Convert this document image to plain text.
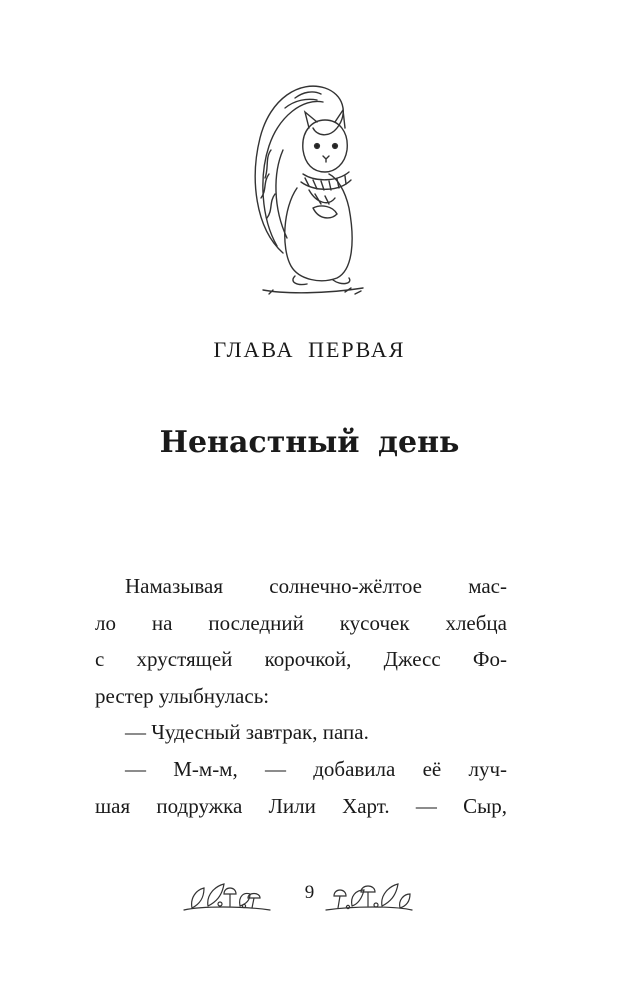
ГЛАВА ПЕРВАЯ
Ненастный день
Намазывая солнечно-жёлтое мас-
ло на последний кусочек хлебца
с хрустящей корочкой, Джесс Фо-
рестер улыбнулась:
— Чудесный завтрак, папа.
— М-м-м, — добавила её луч-
шая подружка Лили Харт. — Сыр,
9
